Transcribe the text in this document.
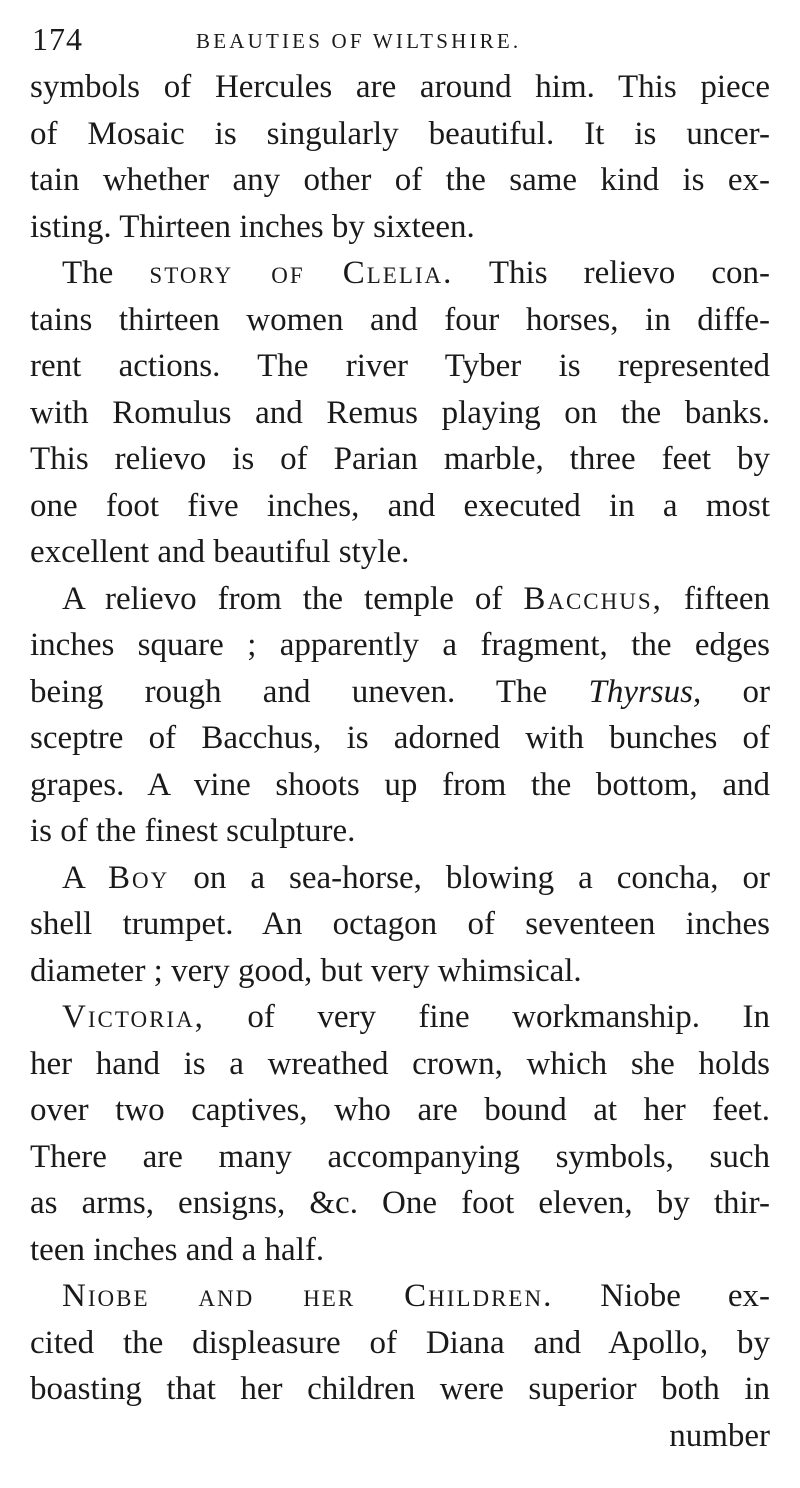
174	BEAUTIES OF WILTSHIRE.
symbols of Hercules are around him. This piece
of Mosaic is singularly beautiful. It is uncer-
tain whether any other of the same kind is ex-
isting. Thirteen inches by sixteen.
The story of Clelia. This relievo con-
tains thirteen women and four horses, in diffe-
rent actions. The river Tyber is represented
with Romulus and Remus playing on the banks.
This relievo is of Parian marble, three feet by
one foot five inches, and executed in a most
excellent and beautiful style.
A relievo from the temple of Bacchus, fifteen
inches square ; apparently a fragment, the edges
being rough and uneven. The Thyrsus, or
sceptre of Bacchus, is adorned with bunches of
grapes. A vine shoots up from the bottom, and
is of the finest sculpture.
A Boy on a sea-horse, blowing a concha, or
shell trumpet. An octagon of seventeen inches
diameter ; very good, but very whimsical.
Victoria, of very fine workmanship. In
her hand is a wreathed crown, which she holds
over two captives, who are bound at her feet.
There are many accompanying symbols, such
as arms, ensigns, &c. One foot eleven, by thir-
teen inches and a half.
Niobe and her Children. Niobe ex-
cited the displeasure of Diana and Apollo, by
boasting that her children were superior both in
number
